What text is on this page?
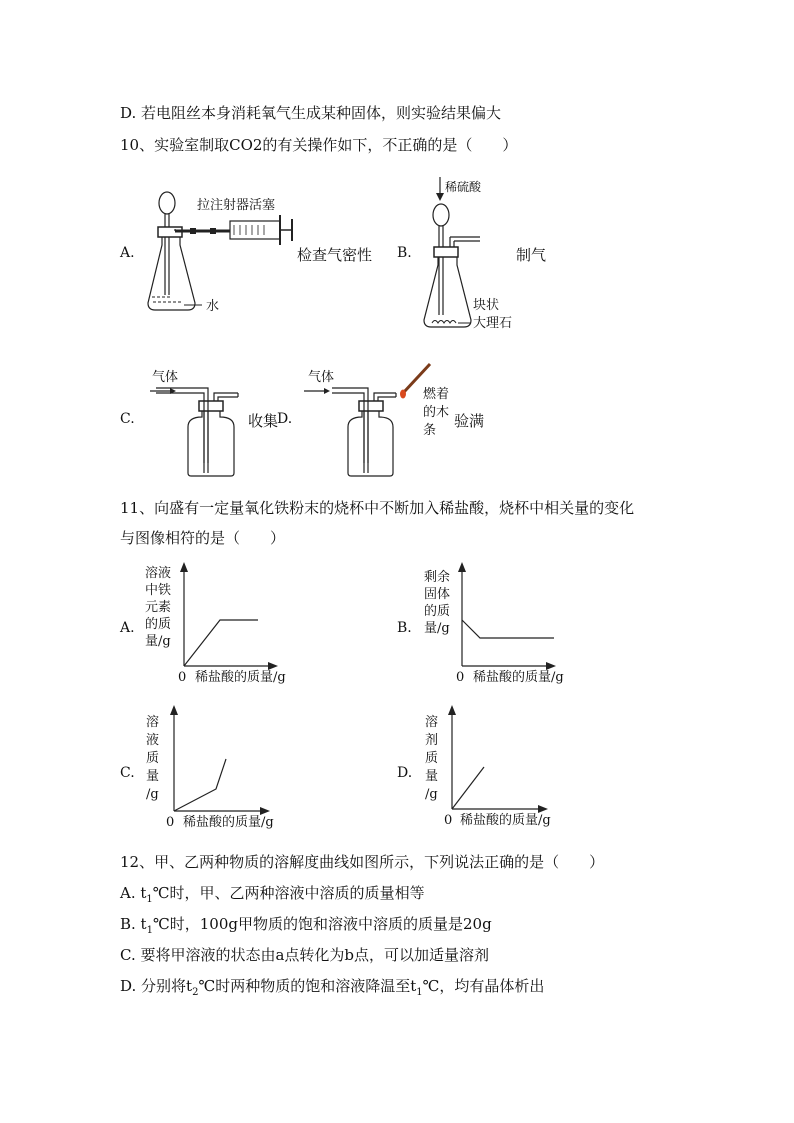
D. 若电阻丝本身消耗氧气生成某种固体，则实验结果偏大
10、实验室制取CO2的有关操作如下，不正确的是（　　）
A.
拉注射器活塞
水
检查气密性 B.
稀硫酸
块状
大理石
制气
C.
气体
收集
D.
气体
燃着
的木
条
验满
11、向盛有一定量氧化铁粉末的烧杯中不断加入稀盐酸，烧杯中相关量的变化
与图像相符的是（　　）
A.
溶液
中铁
元素
的质
量/g
0 稀盐酸的质量/g
B.
剩余
固体
的质
量/g
0 稀盐酸的质量/g
C.
溶
液
质
量
/g
0 稀盐酸的质量/g
D.
溶
剂
质
量
/g
0 稀盐酸的质量/g
12、甲、乙两种物质的溶解度曲线如图所示，下列说法正确的是（　　）
A. $t_1℃$时，甲、乙两种溶液中溶质的质量相等
B. $t_1℃$时，100g甲物质的饱和溶液中溶质的质量是20g
C. 要将甲溶液的状态由a点转化为b点，可以加适量溶剂
D. 分别将$t_2℃$时两种物质的饱和溶液降温至$t_1℃$，均有晶体析出
